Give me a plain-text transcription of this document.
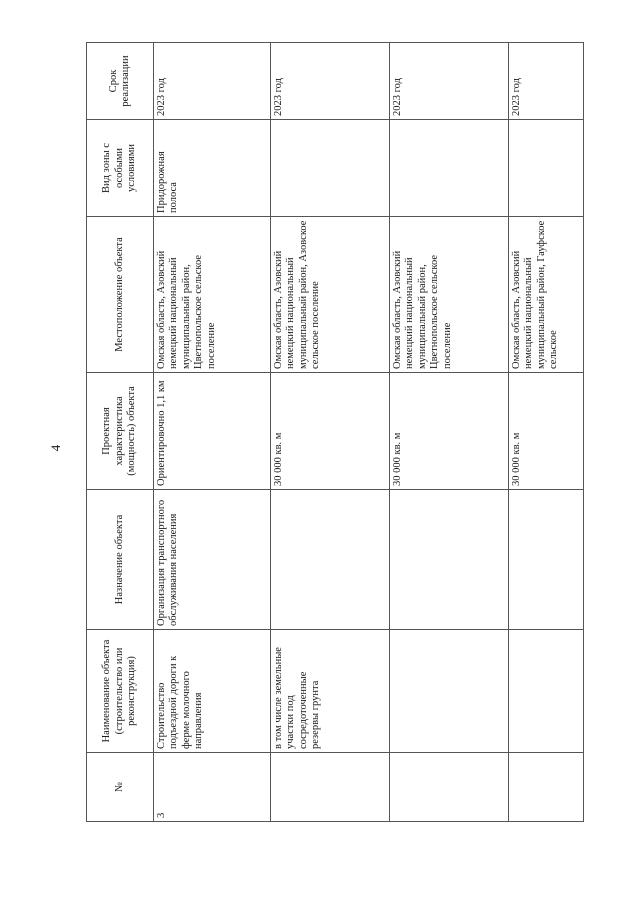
4
№	Наименование объекта (строительство или реконструкция)	Назначение объекта	Проектная характеристика (мощность) объекта	Местоположение объекта	Вид зоны с особыми условиями	Срок реализации
3	Строительство подъездной дороги к ферме молочного направления	Организация транспортного обслуживания населения	Ориентировочно 1,1 км	Омская область, Азовский немецкий национальный муниципальный район, Цветнопольское сельское поселение	Придорожная полоса	2023 год
	в том числе земельные участки под сосредоточенные резервы грунта		30 000 кв. м	Омская область, Азовский немецкий национальный муниципальный район, Азовское сельское поселение		2023 год
			30 000 кв. м	Омская область, Азовский немецкий национальный муниципальный район, Цветнопольское сельское поселение		2023 год
			30 000 кв. м	Омская область, Азовский немецкий национальный муниципальный район, Гауфское сельское		2023 год
